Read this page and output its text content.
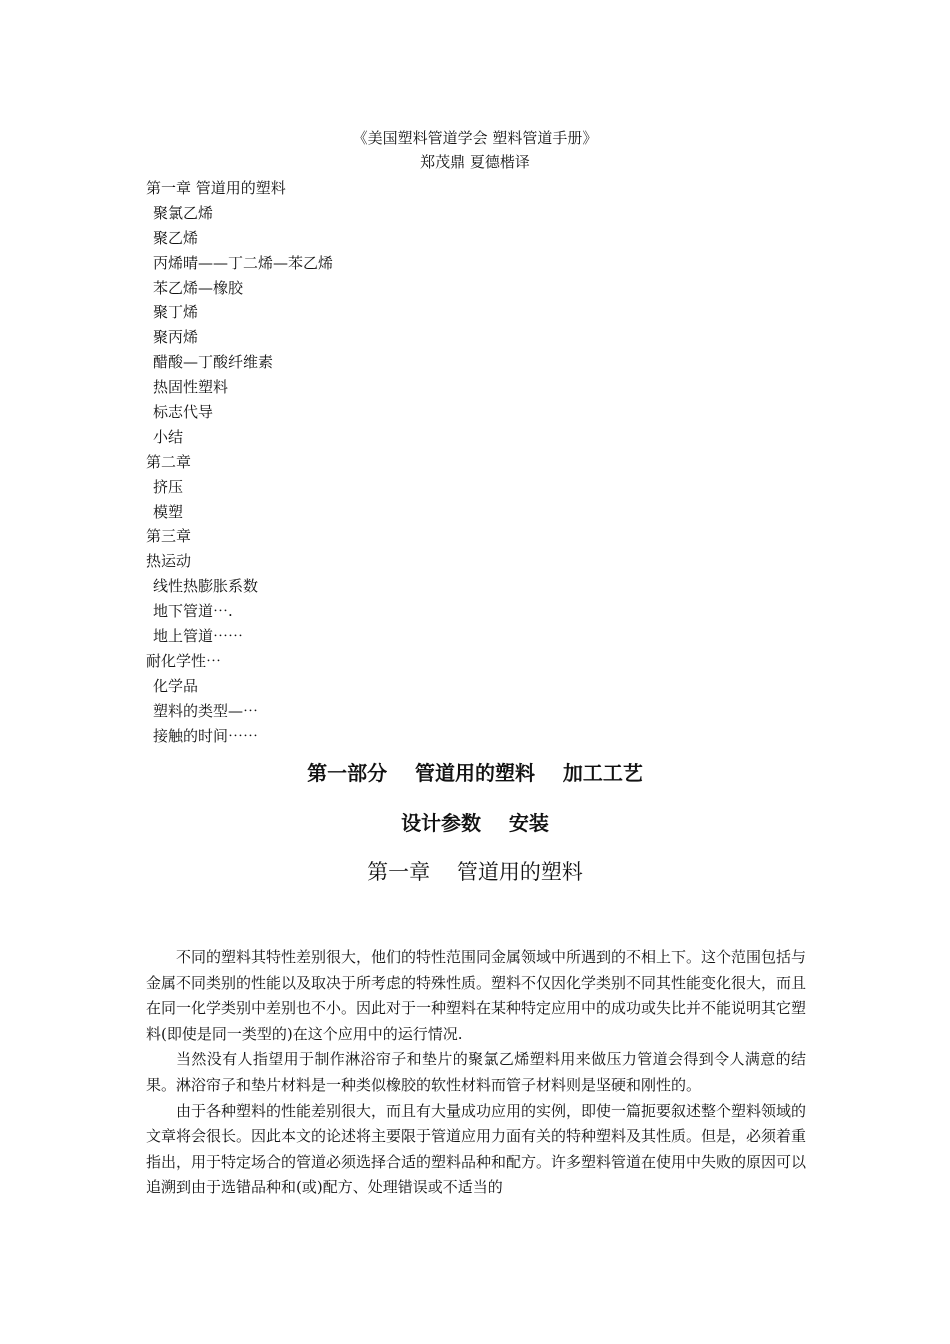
《美国塑料管道学会 塑料管道手册》
郑茂鼎 夏德楷译
第一章 管道用的塑料
聚氯乙烯
聚乙烯
丙烯晴——丁二烯—苯乙烯
苯乙烯—橡胶
聚丁烯
聚丙烯
醋酸—丁酸纤维素
热固性塑料
标志代导
小结
第二章
挤压
模塑
第三章
热运动
线性热膨胀系数
地下管道⋯.
地上管道⋯⋯
耐化学性⋯
化学品
塑料的类型—⋯
接触的时间⋯⋯
第一部分    管道用的塑料    加工工艺
设计参数    安装
第一章    管道用的塑料

不同的塑料其特性差别很大，他们的特性范围同金属领域中所遇到的不相上下。这个范围包括与金属不同类别的性能以及取决于所考虑的特殊性质。塑料不仅因化学类别不同其性能变化很大，而且在同一化学类别中差别也不小。因此对于一种塑料在某种特定应用中的成功或失比并不能说明其它塑料(即使是同一类型的)在这个应用中的运行情况.

当然没有人指望用于制作淋浴帘子和垫片的聚氯乙烯塑料用来做压力管道会得到令人满意的结果。淋浴帘子和垫片材料是一种类似橡胶的软性材料而管子材料则是坚硬和刚性的。

由于各种塑料的性能差别很大，而且有大量成功应用的实例，即使一篇扼要叙述整个塑料领域的文章将会很长。因此本文的论述将主要限于管道应用力面有关的特种塑料及其性质。但是，必须着重指出，用于特定场合的管道必须选择合适的塑料品种和配方。许多塑料管道在使用中失败的原因可以追溯到由于选错品种和(或)配方、处理错误或不适当的
